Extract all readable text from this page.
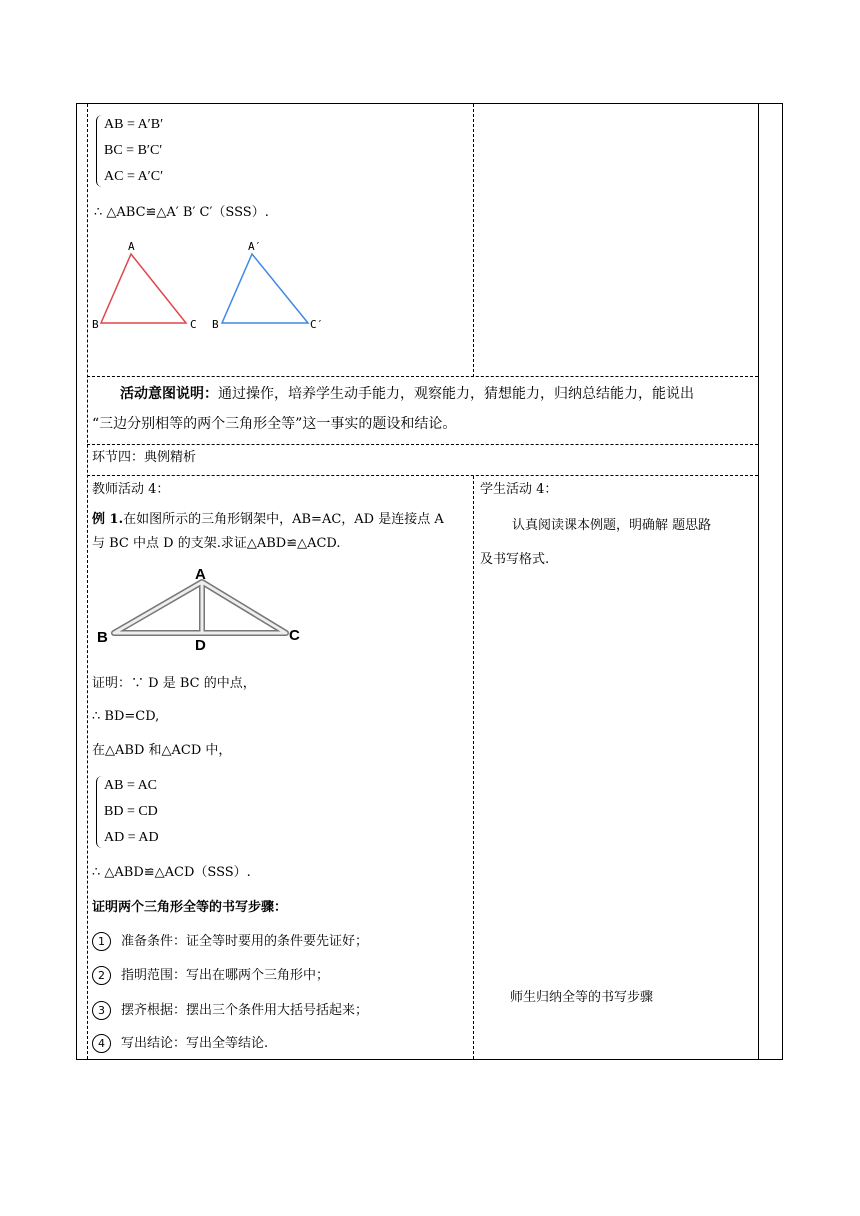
AB = A′B′
BC = B′C′
AC = A′C′
∴ △ABC≌△A′ B′ C′（SSS）.
A
B	C
A′
B	C′
活动意图说明：通过操作，培养学生动手能力，观察能力，猜想能力，归纳总结能力，能说出
“三边分别相等的两个三角形全等”这一事实的题设和结论。
环节四：典例精析
教师活动 4：
例 1.在如图所示的三角形钢架中，AB=AC，AD 是连接点 A
与 BC 中点 D 的支架.求证△ABD≌△ACD.
A
B	C
D
证明：∵ D 是 BC 的中点，
∴ BD=CD,
在△ABD 和△ACD 中，
AB = AC
BD = CD
AD = AD
∴ △ABD≌△ACD（SSS）.
证明两个三角形全等的书写步骤：
1 准备条件：证全等时要用的条件要先证好；
2 指明范围：写出在哪两个三角形中；
3 摆齐根据：摆出三个条件用大括号括起来；
4 写出结论：写出全等结论.
学生活动 4：
认真阅读课本例题，明确解 题思路
及书写格式.
师生归纳全等的书写步骤
